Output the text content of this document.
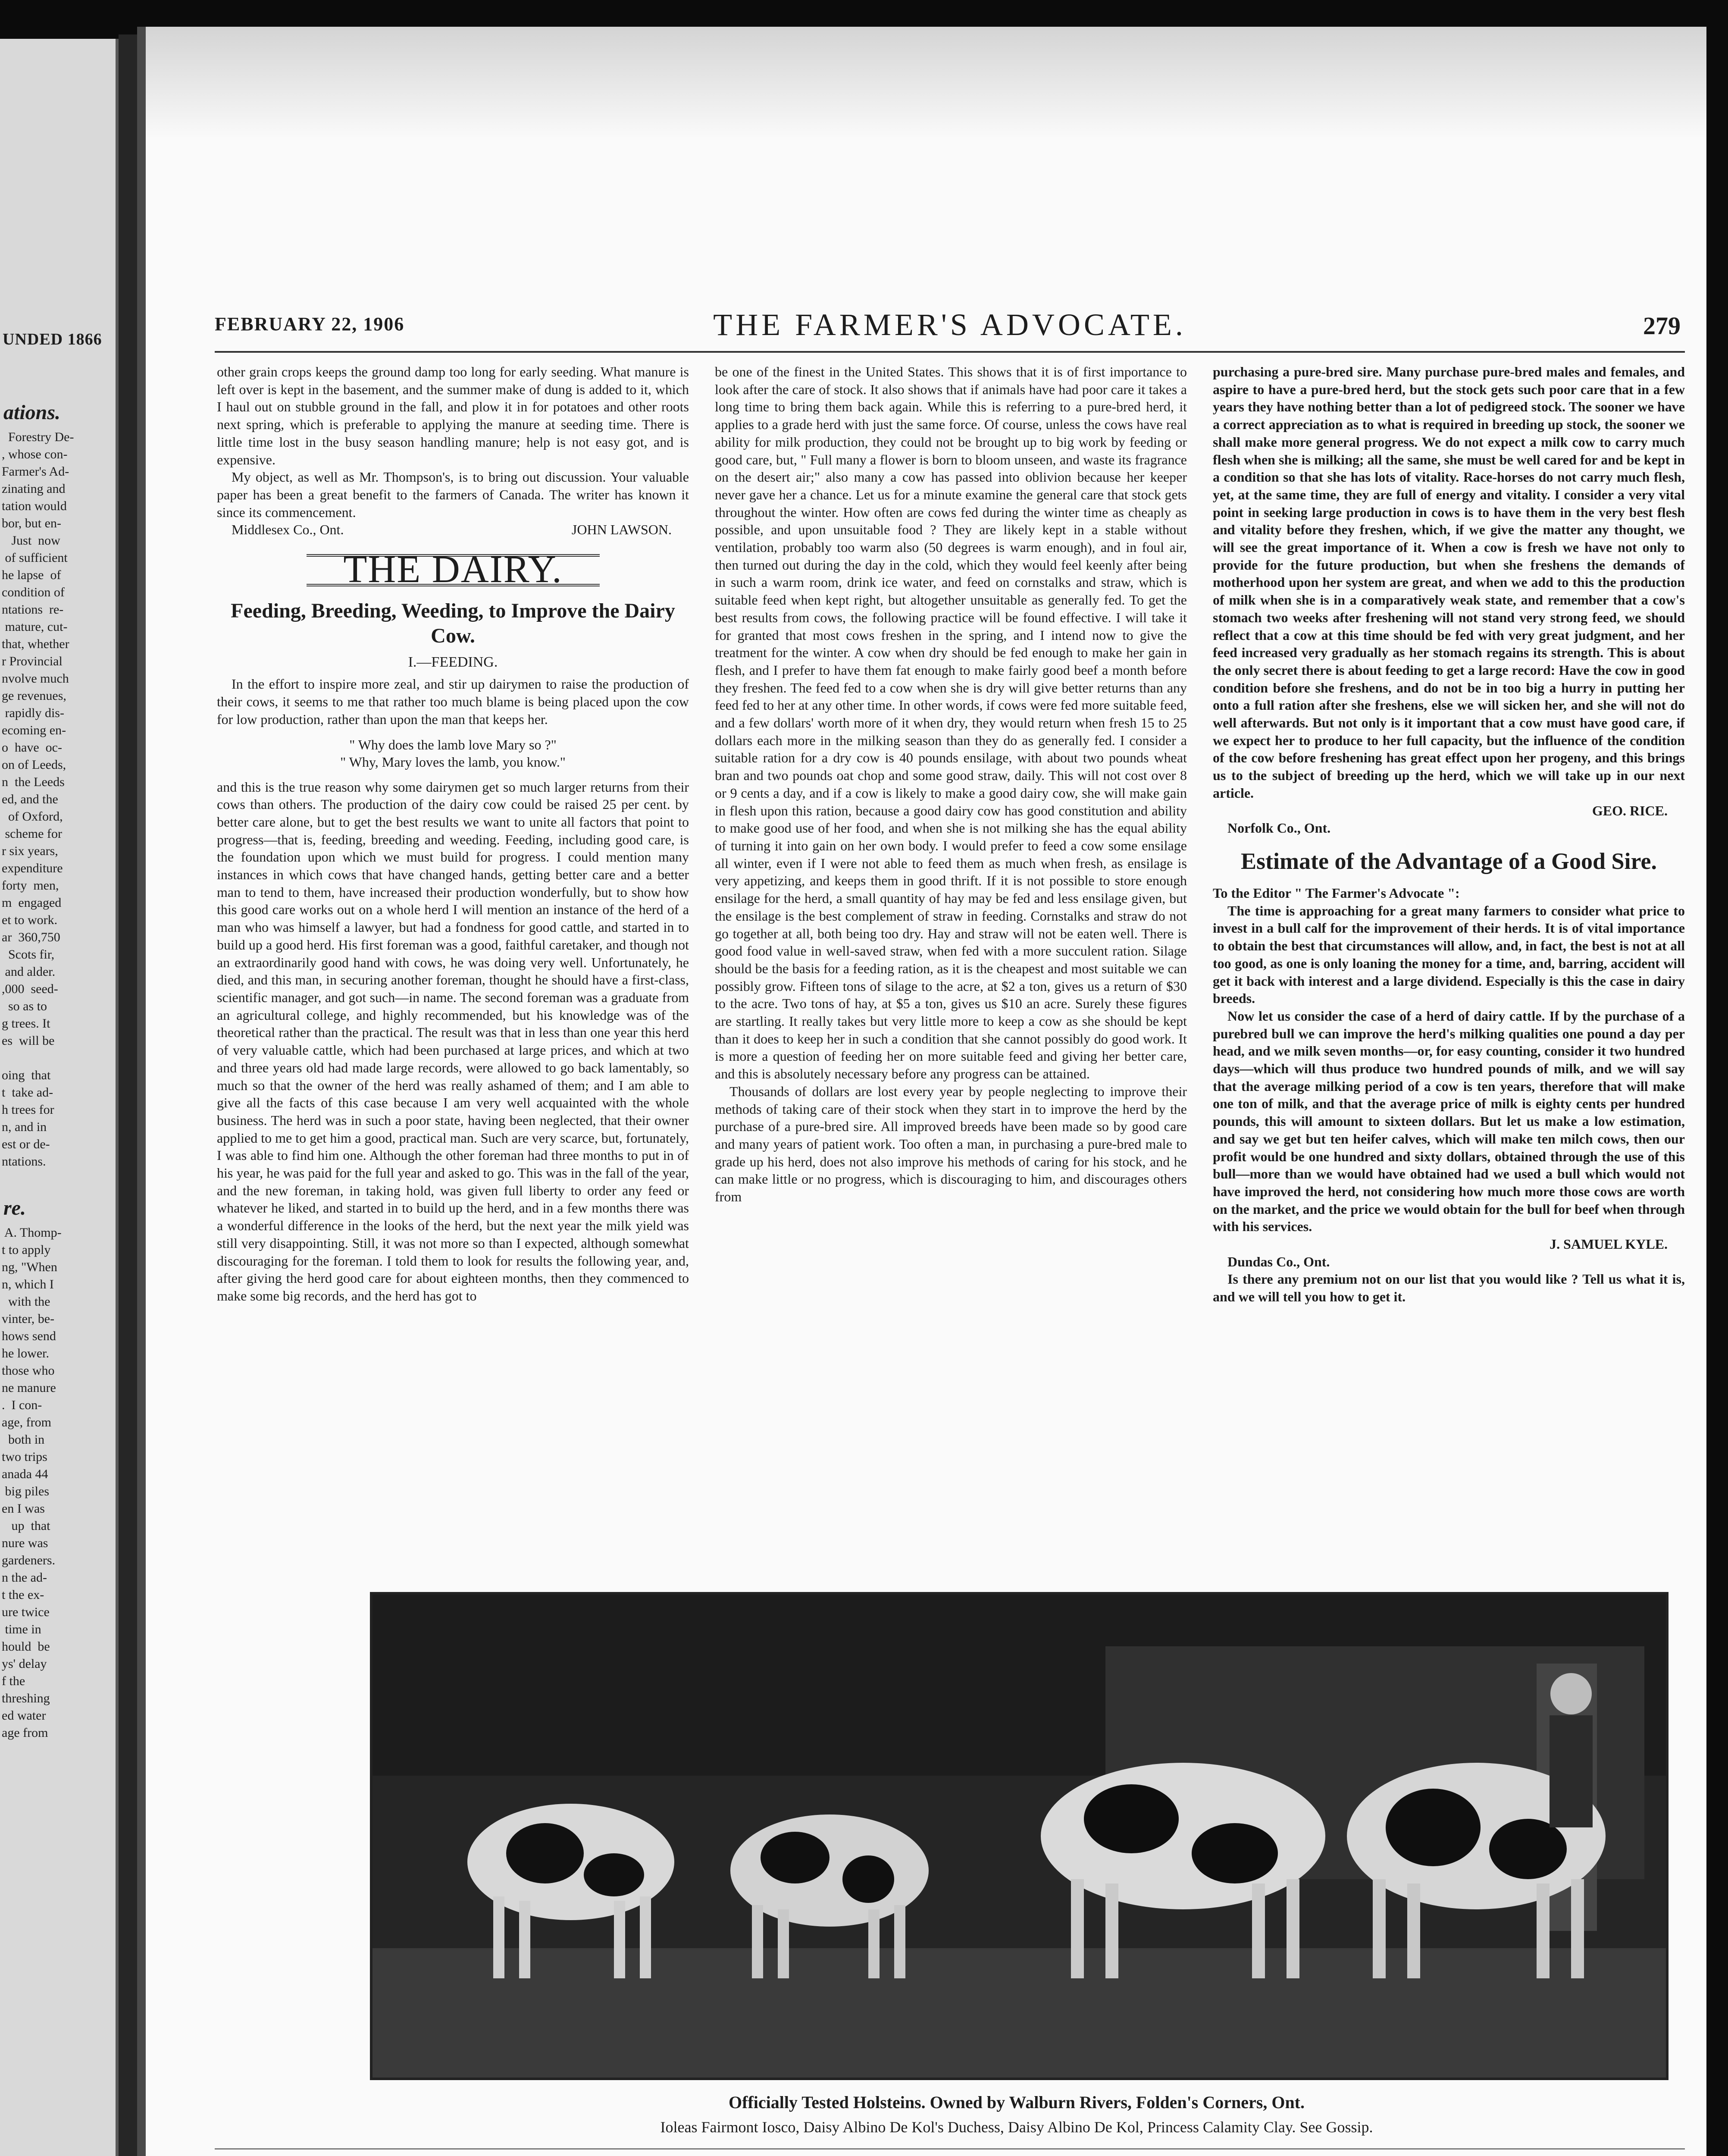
UNDED 1866
ations.
Forestry De-
, whose con-
Farmer's Ad-
zinating and
tation would
bor, but en-
Just  now
of sufficient
he lapse  of
condition of
ntations  re-
mature, cut-
that, whether
r Provincial
nvolve much
ge revenues,
rapidly dis-
ecoming en-
o  have  oc-
on of Leeds,
n  the Leeds
ed, and the
of Oxford,
scheme for
r six years,
expenditure
forty  men,
m  engaged
et to work.
ar  360,750
Scots fir,
and alder.
,000  seed-
so as to
g trees. It
es  will be

oing  that
t  take ad-
h trees for
n, and in
est or de-
ntations.
re.
A. Thomp-
t to apply
ng, "When
n, which I
with the
vinter, be-
hows send
he lower.
those who
ne manure
.  I con-
age, from
both in
two trips
anada 44
big piles
en I was
up  that
nure was
gardeners.
n the ad-
t the ex-
ure twice
time in
hould  be
ys' delay
f the
threshing
ed water
age from
FEBRUARY 22, 1906	THE FARMER'S ADVOCATE.	279

other grain crops keeps the ground damp too long for early seeding. What manure is left over is kept in the basement, and the summer make of dung is added to it, which I haul out on stubble ground in the fall, and plow it in for potatoes and other roots next spring, which is preferable to applying the manure at seeding time. There is little time lost in the busy season handling manure; help is not easy got, and is expensive.

My object, as well as Mr. Thompson's, is to bring out discussion. Your valuable paper has been a great benefit to the farmers of Canada. The writer has known it since its commencement.

Middlesex Co., Ont.	JOHN LAWSON.
THE DAIRY.
Feeding, Breeding, Weeding, to Improve the Dairy Cow.
I.—FEEDING.

In the effort to inspire more zeal, and stir up dairymen to raise the production of their cows, it seems to me that rather too much blame is being placed upon the cow for low production, rather than upon the man that keeps her.

" Why does the lamb love Mary so ?"
" Why, Mary loves the lamb, you know."

and this is the true reason why some dairymen get so much larger returns from their cows than others. The production of the dairy cow could be raised 25 per cent. by better care alone, but to get the best results we want to unite all factors that point to progress—that is, feeding, breeding and weeding. Feeding, including good care, is the foundation upon which we must build for progress. I could mention many instances in which cows that have changed hands, getting better care and a better man to tend to them, have increased their production wonderfully, but to show how this good care works out on a whole herd I will mention an instance of the herd of a man who was himself a lawyer, but had a fondness for good cattle, and started in to build up a good herd. His first foreman was a good, faithful caretaker, and though not an extraordinarily good hand with cows, he was doing very well. Unfortunately, he died, and this man, in securing another foreman, thought he should have a first-class, scientific manager, and got such—in name. The second foreman was a graduate from an agricultural college, and highly recommended, but his knowledge was of the theoretical rather than the practical. The result was that in less than one year this herd of very valuable cattle, which had been purchased at large prices, and which at two and three years old had made large records, were allowed to go back lamentably, so much so that the owner of the herd was really ashamed of them; and I am able to give all the facts of this case because I am very well acquainted with the whole business. The herd was in such a poor state, having been neglected, that their owner applied to me to get him a good, practical man. Such are very scarce, but, fortunately, I was able to find him one. Although the other foreman had three months to put in of his year, he was paid for the full year and asked to go. This was in the fall of the year, and the new foreman, in taking hold, was given full liberty to order any feed or whatever he liked, and started in to build up the herd, and in a few months there was a wonderful difference in the looks of the herd, but the next year the milk yield was still very disappointing. Still, it was not more so than I expected, although somewhat discouraging for the foreman. I told them to look for results the following year, and, after giving the herd good care for about eighteen months, then they commenced to make some big records, and the herd has got to

be one of the finest in the United States. This shows that it is of first importance to look after the care of stock. It also shows that if animals have had poor care it takes a long time to bring them back again. While this is referring to a pure-bred herd, it applies to a grade herd with just the same force. Of course, unless the cows have real ability for milk production, they could not be brought up to big work by feeding or good care, but, " Full many a flower is born to bloom unseen, and waste its fragrance on the desert air;" also many a cow has passed into oblivion because her keeper never gave her a chance. Let us for a minute examine the general care that stock gets throughout the winter. How often are cows fed during the winter time as cheaply as possible, and upon unsuitable food ? They are likely kept in a stable without ventilation, probably too warm also (50 degrees is warm enough), and in foul air, then turned out during the day in the cold, which they would feel keenly after being in such a warm room, drink ice water, and feed on cornstalks and straw, which is suitable feed when kept right, but altogether unsuitable as generally fed. To get the best results from cows, the following practice will be found effective. I will take it for granted that most cows freshen in the spring, and I intend now to give the treatment for the winter. A cow when dry should be fed enough to make her gain in flesh, and I prefer to have them fat enough to make fairly good beef a month before they freshen. The feed fed to a cow when she is dry will give better returns than any feed fed to her at any other time. In other words, if cows were fed more suitable feed, and a few dollars' worth more of it when dry, they would return when fresh 15 to 25 dollars each more in the milking season than they do as generally fed. I consider a suitable ration for a dry cow is 40 pounds ensilage, with about two pounds wheat bran and two pounds oat chop and some good straw, daily. This will not cost over 8 or 9 cents a day, and if a cow is likely to make a good dairy cow, she will make gain in flesh upon this ration, because a good dairy cow has good constitution and ability to make good use of her food, and when she is not milking she has the equal ability of turning it into gain on her own body. I would prefer to feed a cow some ensilage all winter, even if I were not able to feed them as much when fresh, as ensilage is very appetizing, and keeps them in good thrift. If it is not possible to store enough ensilage for the herd, a small quantity of hay may be fed and less ensilage given, but the ensilage is the best complement of straw in feeding. Cornstalks and straw do not go together at all, both being too dry. Hay and straw will not be eaten well. There is good food value in well-saved straw, when fed with a more succulent ration. Silage should be the basis for a feeding ration, as it is the cheapest and most suitable we can possibly grow. Fifteen tons of silage to the acre, at $2 a ton, gives us a return of $30 to the acre. Two tons of hay, at $5 a ton, gives us $10 an acre. Surely these figures are startling. It really takes but very little more to keep a cow as she should be kept than it does to keep her in such a condition that she cannot possibly do good work. It is more a question of feeding her on more suitable feed and giving her better care, and this is absolutely necessary before any progress can be attained.

Thousands of dollars are lost every year by people neglecting to improve their methods of taking care of their stock when they start in to improve the herd by the purchase of a pure-bred sire. All improved breeds have been made so by good care and many years of patient work. Too often a man, in purchasing a pure-bred male to grade up his herd, does not also improve his methods of caring for his stock, and he can make little or no progress, which is discouraging to him, and discourages others from

purchasing a pure-bred sire. Many purchase pure-bred males and females, and aspire to have a pure-bred herd, but the stock gets such poor care that in a few years they have nothing better than a lot of pedigreed stock. The sooner we have a correct appreciation as to what is required in breeding up stock, the sooner we shall make more general progress. We do not expect a milk cow to carry much flesh when she is milking; all the same, she must be well cared for and be kept in a condition so that she has lots of vitality. Race-horses do not carry much flesh, yet, at the same time, they are full of energy and vitality. I consider a very vital point in seeking large production in cows is to have them in the very best flesh and vitality before they freshen, which, if we give the matter any thought, we will see the great importance of it. When a cow is fresh we have not only to provide for the future production, but when she freshens the demands of motherhood upon her system are great, and when we add to this the production of milk when she is in a comparatively weak state, and remember that a cow's stomach two weeks after freshening will not stand very strong feed, we should reflect that a cow at this time should be fed with very great judgment, and her feed increased very gradually as her stomach regains its strength. This is about the only secret there is about feeding to get a large record: Have the cow in good condition before she freshens, and do not be in too big a hurry in putting her onto a full ration after she freshens, else we will sicken her, and she will not do well afterwards. But not only is it important that a cow must have good care, if we expect her to produce to her full capacity, but the influence of the condition of the cow before freshening has great effect upon her progeny, and this brings us to the subject of breeding up the herd, which we will take up in our next article.

GEO. RICE.
Norfolk Co., Ont.
Estimate of the Advantage of a Good Sire.
To the Editor " The Farmer's Advocate ":

The time is approaching for a great many farmers to consider what price to invest in a bull calf for the improvement of their herds. It is of vital importance to obtain the best that circumstances will allow, and, in fact, the best is not at all too good, as one is only loaning the money for a time, and, barring, accident will get it back with interest and a large dividend. Especially is this the case in dairy breeds.

Now let us consider the case of a herd of dairy cattle. If by the purchase of a purebred bull we can improve the herd's milking qualities one pound a day per head, and we milk seven months—or, for easy counting, consider it two hundred days—which will thus produce two hundred pounds of milk, and we will say that the average milking period of a cow is ten years, therefore that will make one ton of milk, and that the average price of milk is eighty cents per hundred pounds, this will amount to sixteen dollars. But let us make a low estimation, and say we get but ten heifer calves, which will make ten milch cows, then our profit would be one hundred and sixty dollars, obtained through the use of this bull—more than we would have obtained had we used a bull which would not have improved the herd, not considering how much more those cows are worth on the market, and the price we would obtain for the bull for beef when through with his services.

J. SAMUEL KYLE.
Dundas Co., Ont.

Is there any premium not on our list that you would like ? Tell us what it is, and we will tell you how to get it.

Officially Tested Holsteins. Owned by Walburn Rivers, Folden's Corners, Ont.
Ioleas Fairmont Iosco, Daisy Albino De Kol's Duchess, Daisy Albino De Kol, Princess Calamity Clay. See Gossip.
